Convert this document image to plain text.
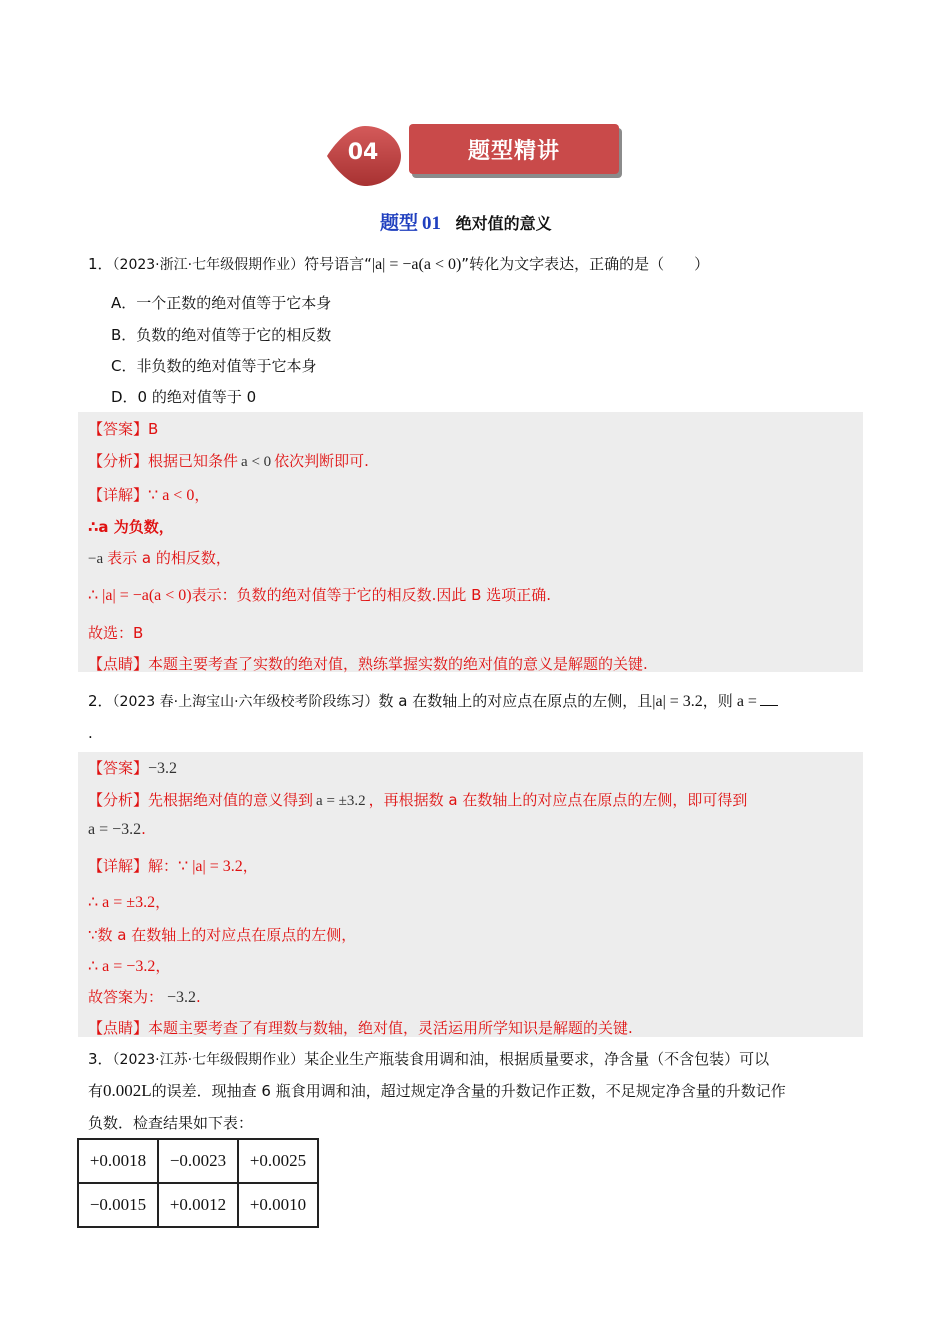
04	题型精讲
题型 01 绝对值的意义
1．（2023·浙江·七年级假期作业）符号语言“|a| = −a(a < 0)”转化为文字表达，正确的是（　　）
A．一个正数的绝对值等于它本身
B．负数的绝对值等于它的相反数
C．非负数的绝对值等于它本身
D．0 的绝对值等于 0
【答案】B
【分析】根据已知条件 a < 0 依次判断即可.
【详解】∵ a < 0，
∴a 为负数，
−a 表示 a 的相反数，
∴ |a| = −a(a < 0)表示：负数的绝对值等于它的相反数.因此 B 选项正确.
故选：B
【点睛】本题主要考查了实数的绝对值，熟练掌握实数的绝对值的意义是解题的关键.
2．（2023 春·上海宝山·六年级校考阶段练习）数 a 在数轴上的对应点在原点的左侧，且|a| = 3.2，则 a =
.
【答案】−3.2
【分析】先根据绝对值的意义得到 a = ±3.2 ，再根据数 a 在数轴上的对应点在原点的左侧，即可得到
a = −3.2.
【详解】解：∵ |a| = 3.2，
∴ a = ±3.2，
∵数 a 在数轴上的对应点在原点的左侧，
∴ a = −3.2，
故答案为： −3.2.
【点睛】本题主要考查了有理数与数轴，绝对值，灵活运用所学知识是解题的关键.
3．（2023·江苏·七年级假期作业）某企业生产瓶装食用调和油，根据质量要求，净含量（不含包装）可以
有0.002L的误差．现抽查 6 瓶食用调和油，超过规定净含量的升数记作正数，不足规定净含量的升数记作
负数．检查结果如下表：
+0.0018	−0.0023	+0.0025
−0.0015	+0.0012	+0.0010
